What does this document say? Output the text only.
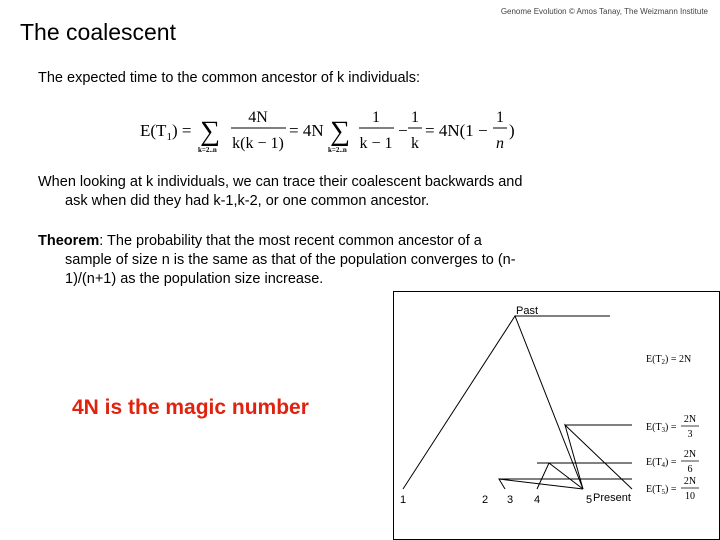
Genome Evolution © Amos Tanay, The Weizmann Institute
The coalescent
The expected time to the common ancestor of k individuals:
$E(T_1)$ = ∑
k=2..n
4N
k(k − 1)
= 4N ∑
k=2..n
1
k − 1
−
1
k
= 4N(1 −
1
n
)
When looking at k individuals, we can trace their coalescent backwards and
ask when did they had k-1,k-2, or one common ancestor.
Theorem: The probability that the most recent common ancestor of a
sample of size n is the same as that of the population converges to (n-
1)/(n+1) as the population size increase.
4N is the magic number
Past
1	2 3 4	5 Present
$E(T_2) = 2N$
$E(T_3)$ =
2N
3
$E(T_4)$ =
2N
6
$E(T_5)$ =
2N
10
